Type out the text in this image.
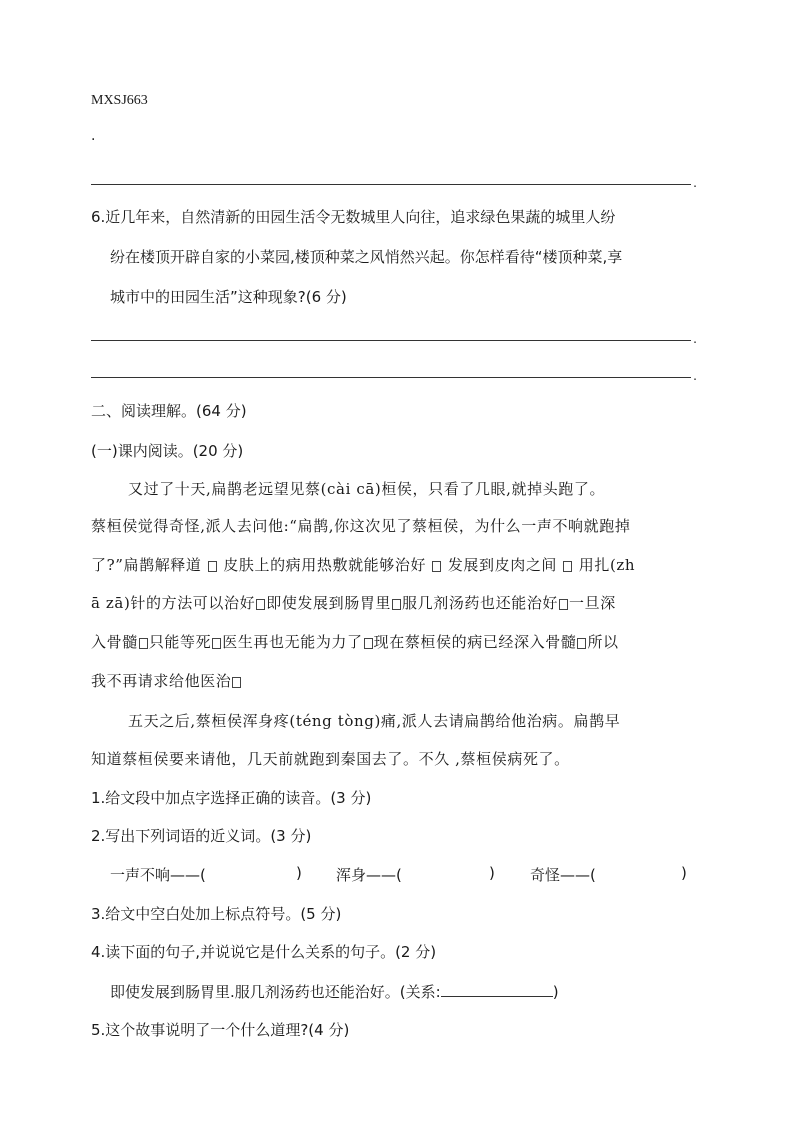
MXSJ663
.
.
6.近几年来，自然清新的田园生活令无数城里人向往，追求绿色果蔬的城里人纷
纷在楼顶开辟自家的小菜园,楼顶种菜之风悄然兴起。你怎样看待“楼顶种菜,享
城市中的田园生活”这种现象?(6 分)
.
.
二、阅读理解。(64 分)
(一)课内阅读。(20 分)
又过了十天,扁鹊老远望见蔡(cài cā)桓侯，只看了几眼,就掉头跑了。
蔡桓侯觉得奇怪,派人去问他:“扁鹊,你这次见了蔡桓侯，为什么一声不响就跑掉
了?”扁鹊解释道 皮肤上的病用热敷就能够治好 发展到皮肉之间 用扎(zh
ā zā)针的方法可以治好 即使发展到肠胃里 服几剂汤药也还能治好 一旦深
入骨髓 只能等死 医生再也无能为力了 现在蔡桓侯的病已经深入骨髓 所以
我不再请求给他医治
五天之后,蔡桓侯浑身疼(téng tòng)痛,派人去请扁鹊给他治病。扁鹊早
知道蔡桓侯要来请他，几天前就跑到秦国去了。不久 ,蔡桓侯病死了。
1.给文段中加点字选择正确的读音。(3 分)
2.写出下列词语的近义词。(3 分)
一声不响——(	) 浑身——(	) 奇怪——(	)
3.给文中空白处加上标点符号。(5 分)
4.读下面的句子,并说说它是什么关系的句子。(2 分)
即使发展到肠胃里.服几剂汤药也还能治好。(关系:	)
5.这个故事说明了一个什么道理?(4 分)
